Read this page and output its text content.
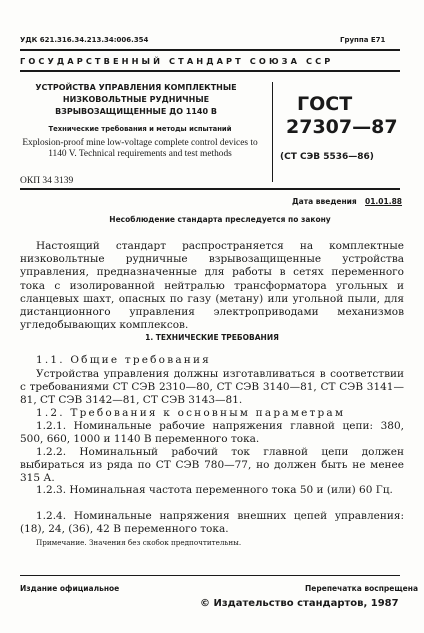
УДК 621.316.34.213.34:006.354	Группа Е71
ГОСУДАРСТВЕННЫЙ СТАНДАРТ СОЮЗА ССР
УСТРОЙСТВА УПРАВЛЕНИЯ КОМПЛЕКТНЫЕ НИЗКОВОЛЬТНЫЕ РУДНИЧНЫЕ ВЗРЫВОЗАЩИЩЕННЫЕ ДО 1140 В
Технические требования и методы испытаний
Explosion-proof mine low-voltage complete control devices to 1140 V. Technical requirements and test methods
ОКП 34 3139
ГОСТ
27307—87
(СТ СЭВ 5536—86)
Дата введения 01.01.88
Несоблюдение стандарта преследуется по закону
Настоящий стандарт распространяется на комплектные низковольтные рудничные взрывозащищенные устройства управления, предназначенные для работы в сетях переменного тока с изолированной нейтралью трансформатора угольных и сланцевых шахт, опасных по газу (метану) или угольной пыли, для дистанционного управления электроприводами механизмов угледобывающих комплексов.
1. ТЕХНИЧЕСКИЕ ТРЕБОВАНИЯ
1.1. Общие требования
Устройства управления должны изготавливаться в соответствии с требованиями СТ СЭВ 2310—80, СТ СЭВ 3140—81, СТ СЭВ 3141—81, СТ СЭВ 3142—81, СТ СЭВ 3143—81.
1.2. Требования к основным параметрам
1.2.1. Номинальные рабочие напряжения главной цепи: 380, 500, 660, 1000 и 1140 В переменного тока.
1.2.2. Номинальный рабочий ток главной цепи должен выбираться из ряда по СТ СЭВ 780—77, но должен быть не менее 315 А.
1.2.3. Номинальная частота переменного тока 50 и (или) 60 Гц.
1.2.4. Номинальные напряжения внешних цепей управления: (18), 24, (36), 42 В переменного тока.
Примечание. Значения без скобок предпочтительны.
Издание официальное	Перепечатка воспрещена
© Издательство стандартов, 1987
